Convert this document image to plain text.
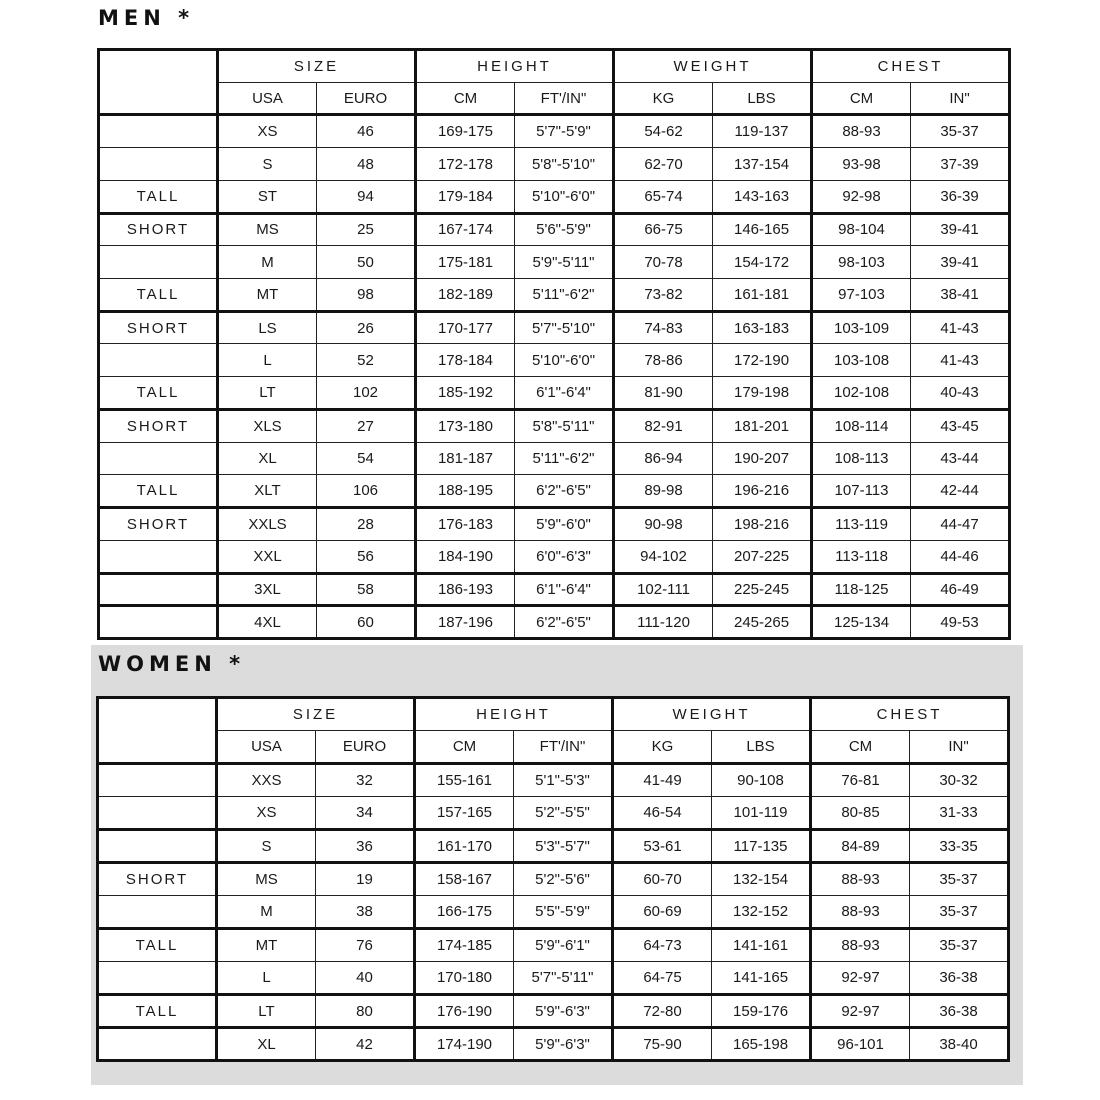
MEN *
	SIZE		HEIGHT		WEIGHT		CHEST	
	USA	EURO	CM	FT'/IN"	KG	LBS	CM	IN"
	XS	46	169-175	5'7"-5'9"	54-62	119-137	88-93	35-37
	S	48	172-178	5'8"-5'10"	62-70	137-154	93-98	37-39
TALL	ST	94	179-184	5'10"-6'0"	65-74	143-163	92-98	36-39
SHORT	MS	25	167-174	5'6"-5'9"	66-75	146-165	98-104	39-41
	M	50	175-181	5'9"-5'11"	70-78	154-172	98-103	39-41
TALL	MT	98	182-189	5'11"-6'2"	73-82	161-181	97-103	38-41
SHORT	LS	26	170-177	5'7"-5'10"	74-83	163-183	103-109	41-43
	L	52	178-184	5'10"-6'0"	78-86	172-190	103-108	41-43
TALL	LT	102	185-192	6'1"-6'4"	81-90	179-198	102-108	40-43
SHORT	XLS	27	173-180	5'8"-5'11"	82-91	181-201	108-114	43-45
	XL	54	181-187	5'11"-6'2"	86-94	190-207	108-113	43-44
TALL	XLT	106	188-195	6'2"-6'5"	89-98	196-216	107-113	42-44
SHORT	XXLS	28	176-183	5'9"-6'0"	90-98	198-216	113-119	44-47
	XXL	56	184-190	6'0"-6'3"	94-102	207-225	113-118	44-46
	3XL	58	186-193	6'1"-6'4"	102-111	225-245	118-125	46-49
	4XL	60	187-196	6'2"-6'5"	111-120	245-265	125-134	49-53
WOMEN *
	SIZE		HEIGHT		WEIGHT		CHEST	
	USA	EURO	CM	FT'/IN"	KG	LBS	CM	IN"
	XXS	32	155-161	5'1"-5'3"	41-49	90-108	76-81	30-32
	XS	34	157-165	5'2"-5'5"	46-54	101-119	80-85	31-33
	S	36	161-170	5'3"-5'7"	53-61	117-135	84-89	33-35
SHORT	MS	19	158-167	5'2"-5'6"	60-70	132-154	88-93	35-37
	M	38	166-175	5'5"-5'9"	60-69	132-152	88-93	35-37
TALL	MT	76	174-185	5'9"-6'1"	64-73	141-161	88-93	35-37
	L	40	170-180	5'7"-5'11"	64-75	141-165	92-97	36-38
TALL	LT	80	176-190	5'9"-6'3"	72-80	159-176	92-97	36-38
	XL	42	174-190	5'9"-6'3"	75-90	165-198	96-101	38-40
